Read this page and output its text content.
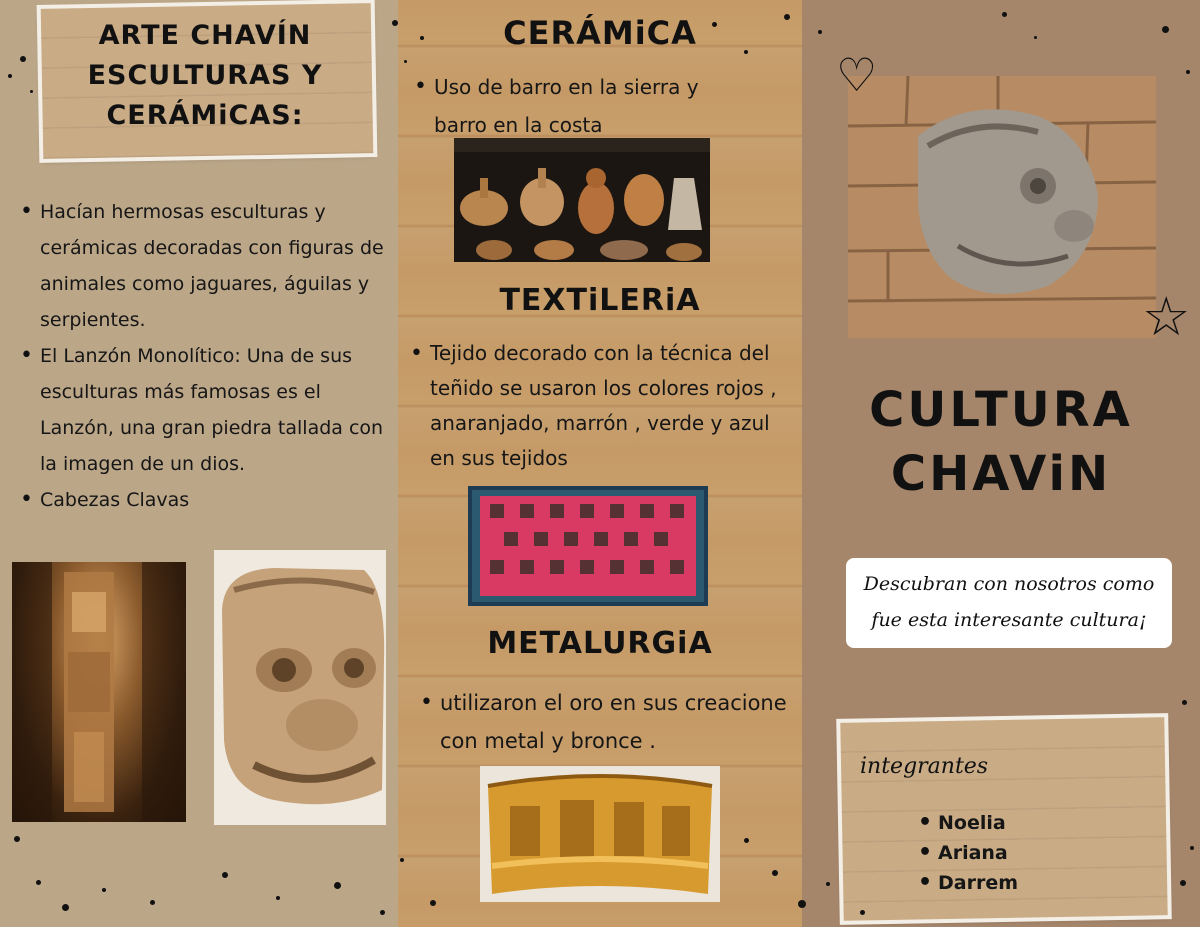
ARTE CHAVÍN
ESCULTURAS Y
CERÁMiCAS:
• Hacían hermosas esculturas y cerámicas decoradas con figuras de animales como jaguares, águilas y serpientes.
• El Lanzón Monolítico: Una de sus esculturas más famosas es el Lanzón, una gran piedra tallada con la imagen de un dios.
• Cabezas Clavas
CERÁMiCA
• Uso de barro en la sierra y barro en la costa
TEXTiLERiA
• Tejido decorado con la técnica del teñido se usaron los colores rojos , anaranjado, marrón , verde y azul en sus tejidos
METALURGiA
• utilizaron el oro en sus creacione con metal y bronce .
♡
☆
CULTURA
CHAViN

Descubran con nosotros como fue esta interesante cultura¡

integrantes
• Noelia
• Ariana
• Darrem
